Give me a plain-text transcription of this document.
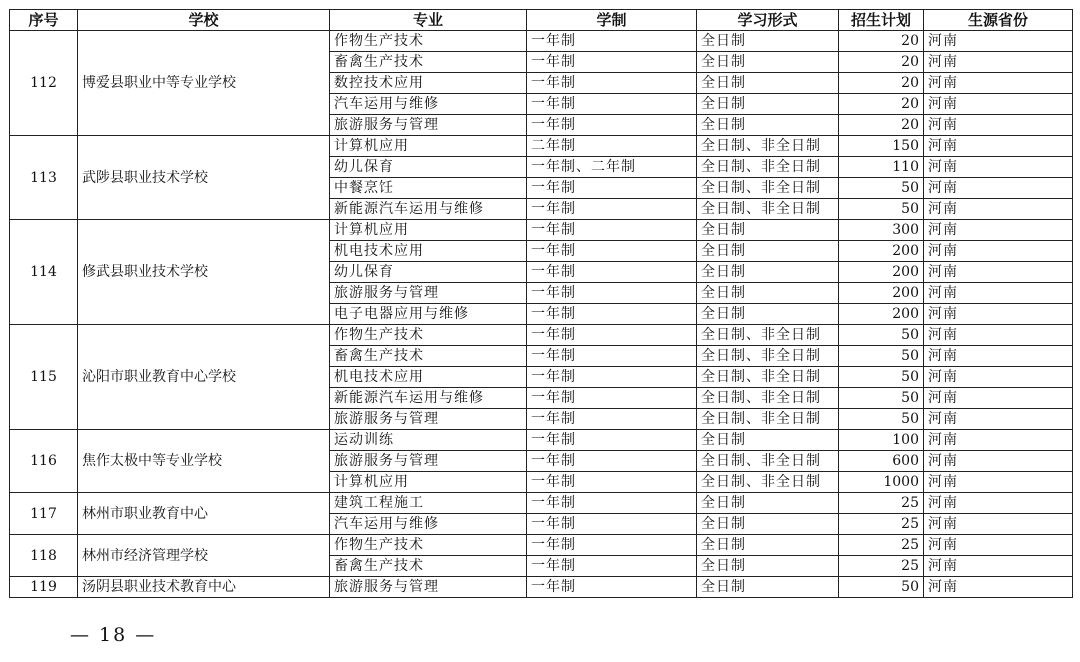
序号	学校	专业	学制	学习形式	招生计划	生源省份
112	博爱县职业中等专业学校	作物生产技术	一年制	全日制	20	河南
		畜禽生产技术	一年制	全日制	20	河南
		数控技术应用	一年制	全日制	20	河南
		汽车运用与维修	一年制	全日制	20	河南
		旅游服务与管理	一年制	全日制	20	河南
113	武陟县职业技术学校	计算机应用	二年制	全日制、非全日制	150	河南
		幼儿保育	一年制、二年制	全日制、非全日制	110	河南
		中餐烹饪	一年制	全日制、非全日制	50	河南
		新能源汽车运用与维修	一年制	全日制、非全日制	50	河南
114	修武县职业技术学校	计算机应用	一年制	全日制	300	河南
		机电技术应用	一年制	全日制	200	河南
		幼儿保育	一年制	全日制	200	河南
		旅游服务与管理	一年制	全日制	200	河南
		电子电器应用与维修	一年制	全日制	200	河南
115	沁阳市职业教育中心学校	作物生产技术	一年制	全日制、非全日制	50	河南
		畜禽生产技术	一年制	全日制、非全日制	50	河南
		机电技术应用	一年制	全日制、非全日制	50	河南
		新能源汽车运用与维修	一年制	全日制、非全日制	50	河南
		旅游服务与管理	一年制	全日制、非全日制	50	河南
116	焦作太极中等专业学校	运动训练	一年制	全日制	100	河南
		旅游服务与管理	一年制	全日制、非全日制	600	河南
		计算机应用	一年制	全日制、非全日制	1000	河南
117	林州市职业教育中心	建筑工程施工	一年制	全日制	25	河南
		汽车运用与维修	一年制	全日制	25	河南
118	林州市经济管理学校	作物生产技术	一年制	全日制	25	河南
		畜禽生产技术	一年制	全日制	25	河南
119	汤阴县职业技术教育中心	旅游服务与管理	一年制	全日制	50	河南
— 18 —
